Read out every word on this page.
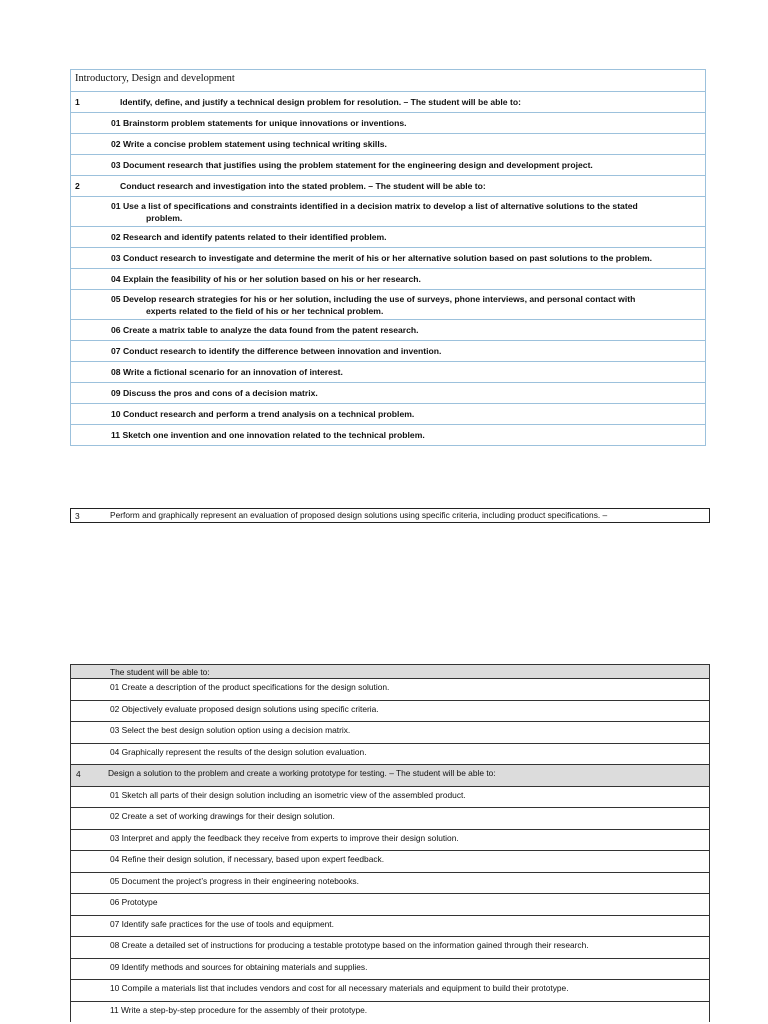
Introductory, Design and development
1	Identify, define, and justify a technical design problem for resolution. – The student will be able to:
01 Brainstorm problem statements for unique innovations or inventions.
02 Write a concise problem statement using technical writing skills.
03 Document research that justifies using the problem statement for the engineering design and development project.
2	Conduct research and investigation into the stated problem. – The student will be able to:
01 Use a list of specifications and constraints identified in a decision matrix to develop a list of alternative solutions to the stated
problem.
02 Research and identify patents related to their identified problem.
03 Conduct research to investigate and determine the merit of his or her alternative solution based on past solutions to the problem.
04 Explain the feasibility of his or her solution based on his or her research.
05 Develop research strategies for his or her solution, including the use of surveys, phone interviews, and personal contact with
experts related to the field of his or her technical problem.
06 Create a matrix table to analyze the data found from the patent research.
07 Conduct research to identify the difference between innovation and invention.
08 Write a fictional scenario for an innovation of interest.
09 Discuss the pros and cons of a decision matrix.
10 Conduct research and perform a trend analysis on a technical problem.
11 Sketch one invention and one innovation related to the technical problem.
3	Perform and graphically represent an evaluation of proposed design solutions using specific criteria, including product specifications. –
The student will be able to:
01 Create a description of the product specifications for the design solution.
02 Objectively evaluate proposed design solutions using specific criteria.
03 Select the best design solution option using a decision matrix.
04 Graphically represent the results of the design solution evaluation.
4	Design a solution to the problem and create a working prototype for testing. – The student will be able to:
01 Sketch all parts of their design solution including an isometric view of the assembled product.
02 Create a set of working drawings for their design solution.
03 Interpret and apply the feedback they receive from experts to improve their design solution.
04 Refine their design solution, if necessary, based upon expert feedback.
05 Document the project’s progress in their engineering notebooks.
06 Prototype
07 Identify safe practices for the use of tools and equipment.
08 Create a detailed set of instructions for producing a testable prototype based on the information gained through their research.
09 Identify methods and sources for obtaining materials and supplies.
10 Compile a materials list that includes vendors and cost for all necessary materials and equipment to build their prototype.
11 Write a step-by-step procedure for the assembly of their prototype.
